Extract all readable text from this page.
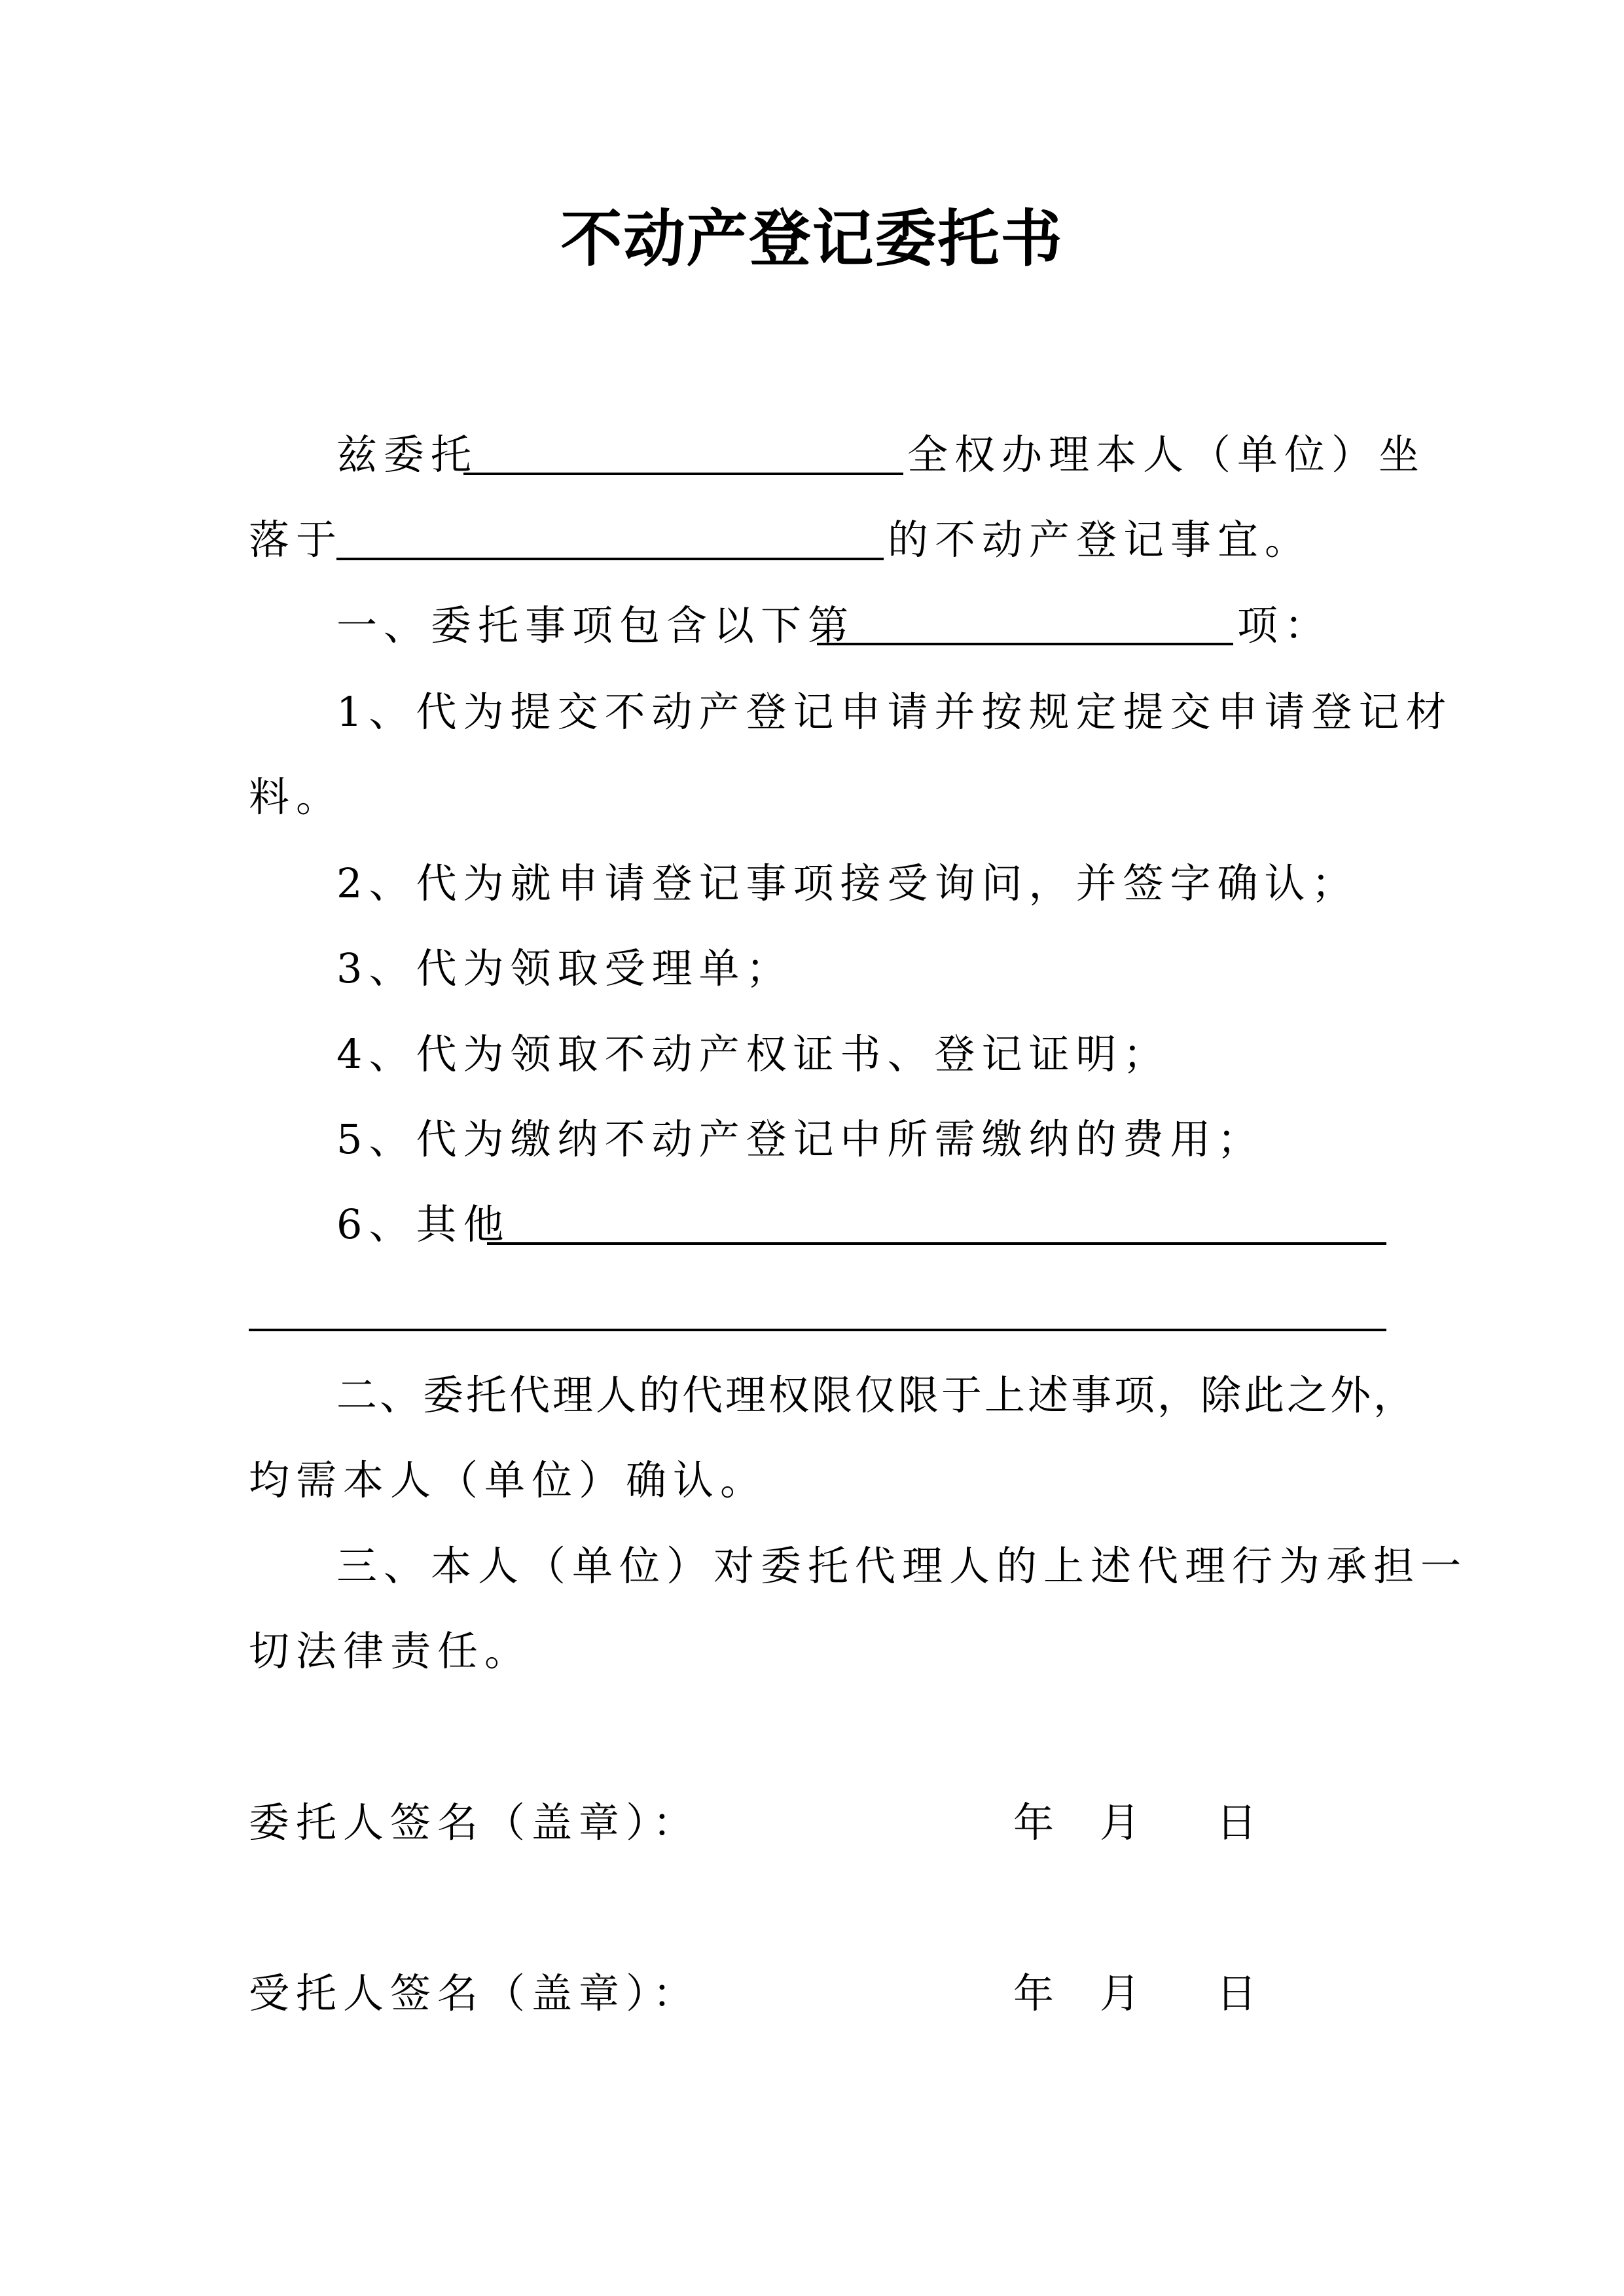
不动产登记委托书
兹委托	全权办理本人（单位）坐
落于	的不动产登记事宜。
一、委托事项包含以下第	项：
1、代为提交不动产登记申请并按规定提交申请登记材
料。
2、代为就申请登记事项接受询问，并签字确认；
3、代为领取受理单；
4、代为领取不动产权证书、登记证明；
5、代为缴纳不动产登记中所需缴纳的费用；
6、其他
二、委托代理人的代理权限仅限于上述事项，除此之外，
均需本人（单位）确认。
三、本人（单位）对委托代理人的上述代理行为承担一
切法律责任。
委托人签名（盖章）：	年 月 日
受托人签名（盖章）：	年 月 日
